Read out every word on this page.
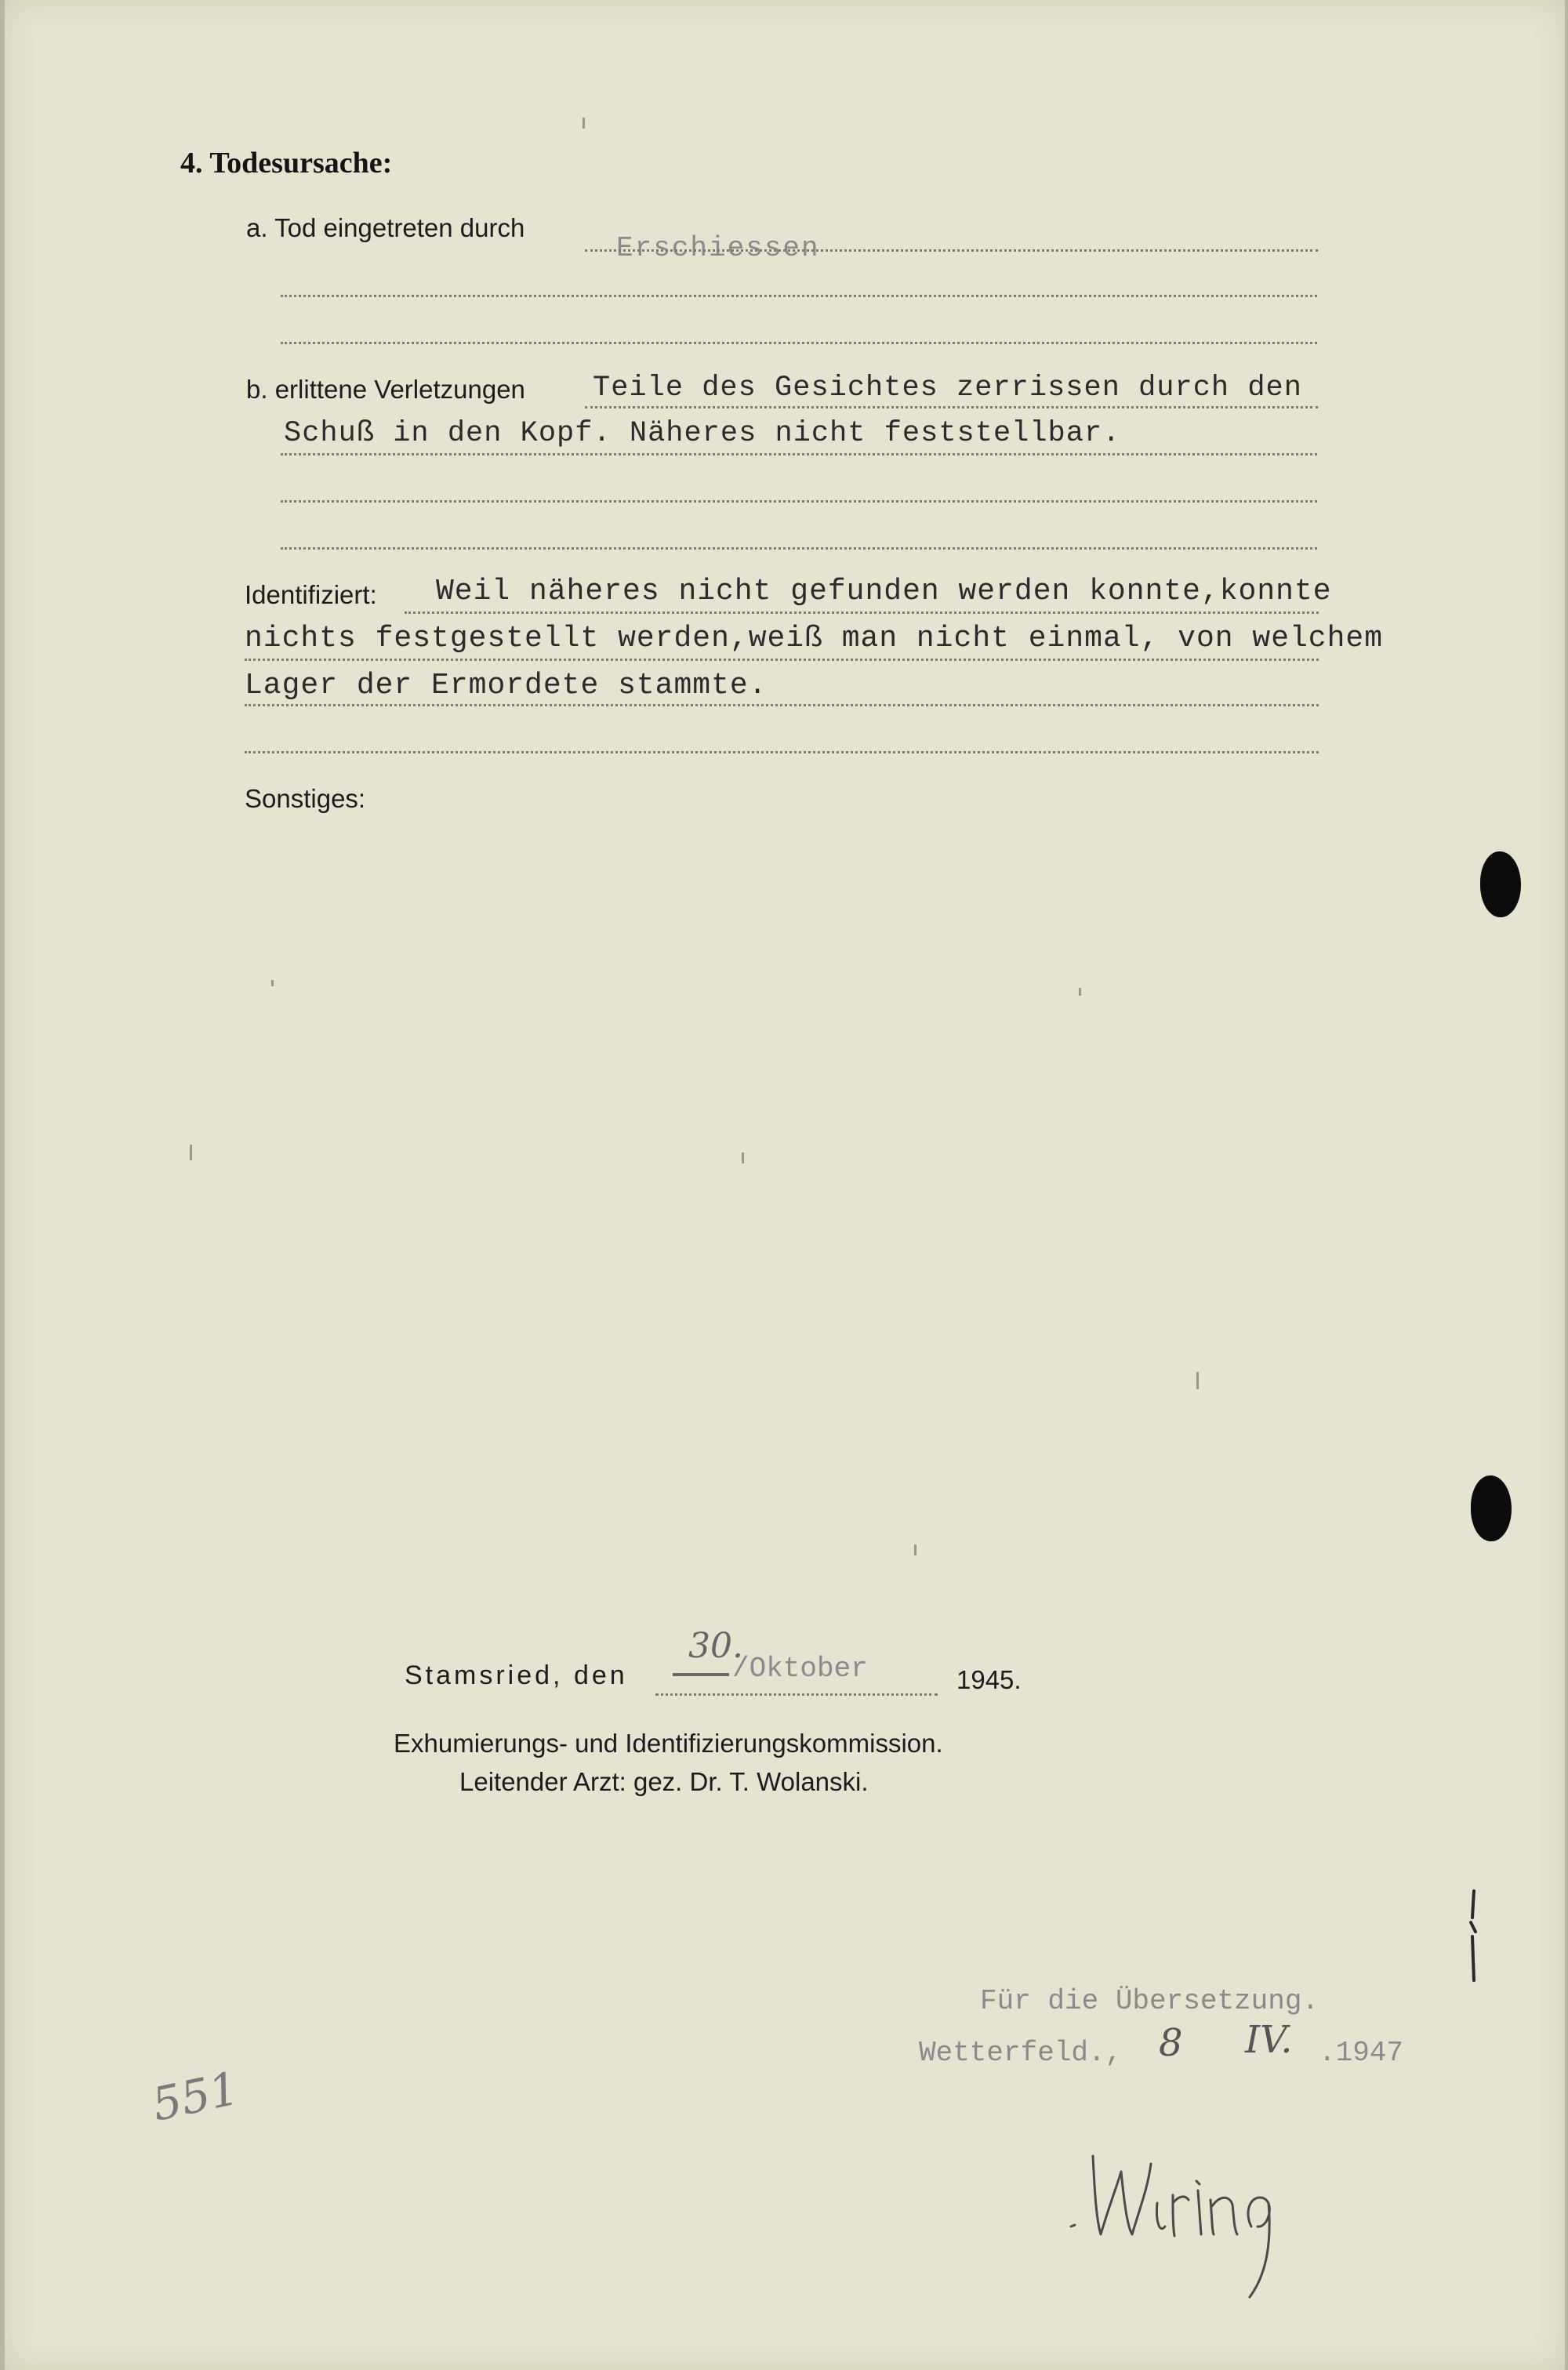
4. Todesursache:
a. Tod eingetreten durch
Erschiessen
b. erlittene Verletzungen Teile des Gesichtes zerrissen durch den
Schuß in den Kopf. Näheres nicht feststellbar.
Identifiziert: Weil näheres nicht gefunden werden konnte,konnte
nichts festgestellt werden,weiß man nicht einmal, von welchem
Lager der Ermordete stammte.
Sonstiges:
Stamsried, den
30.
/Oktober	1945.
Exhumierungs- und Identifizierungskommission.
Leitender Arzt: gez. Dr. T. Wolanski.
Für die Übersetzung.
Wetterfeld., 8 IV. .1947
551
